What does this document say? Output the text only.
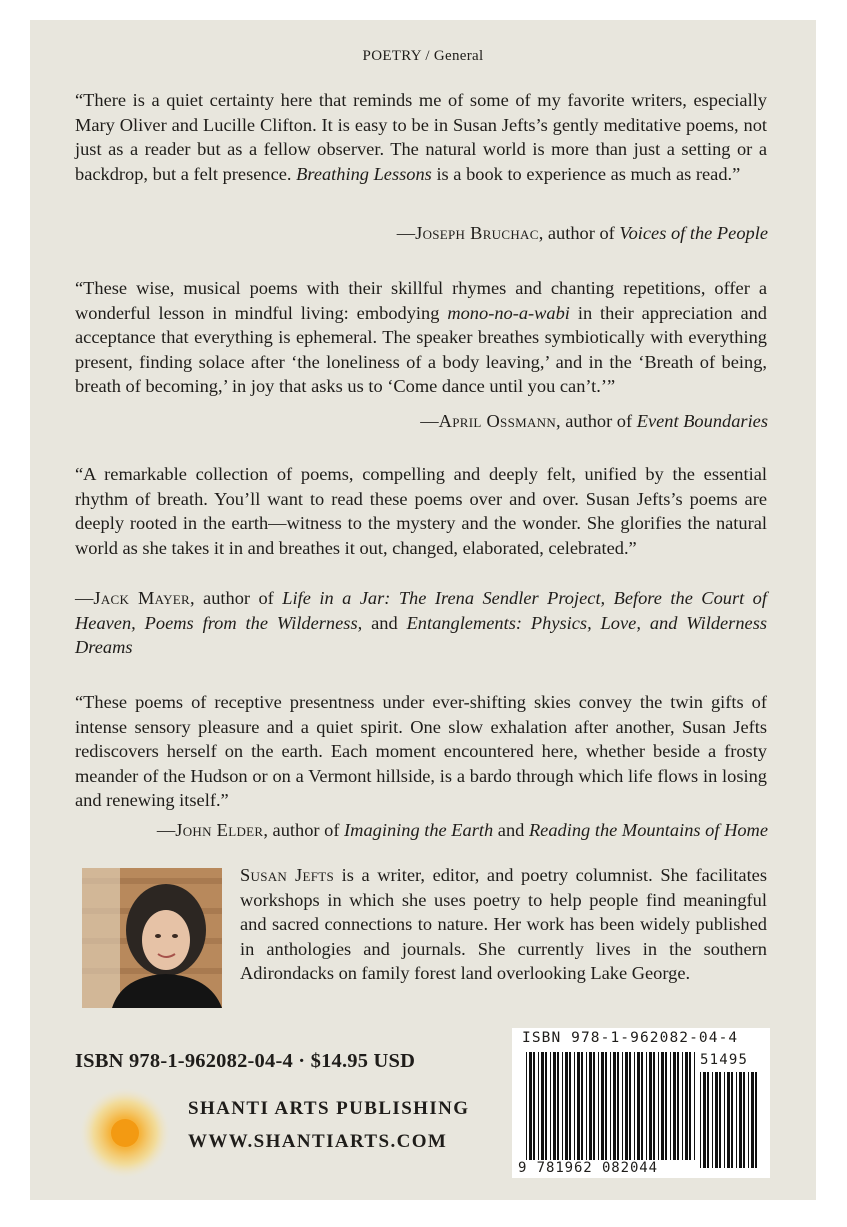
POETRY / General
“There is a quiet certainty here that reminds me of some of my favorite writers, especially Mary Oliver and Lucille Clifton. It is easy to be in Susan Jefts’s gently meditative poems, not just as a reader but as a fellow observer. The natural world is more than just a setting or a backdrop, but a felt presence. Breathing Lessons is a book to experience as much as read.”
—Joseph Bruchac, author of Voices of the People
“These wise, musical poems with their skillful rhymes and chanting repetitions, offer a wonderful lesson in mindful living: embodying mono-no-a-wabi in their appreciation and acceptance that everything is ephemeral. The speaker breathes symbiotically with everything present, finding solace after ‘the loneliness of a body leaving,’ and in the ‘Breath of being, breath of becoming,’ in joy that asks us to ‘Come dance until you can’t.’”
—April Ossmann, author of Event Boundaries
“A remarkable collection of poems, compelling and deeply felt, unified by the essential rhythm of breath. You’ll want to read these poems over and over. Susan Jefts’s poems are deeply rooted in the earth—witness to the mystery and the wonder. She glorifies the natural world as she takes it in and breathes it out, changed, elaborated, celebrated.”
—Jack Mayer, author of Life in a Jar: The Irena Sendler Project, Before the Court of Heaven, Poems from the Wilderness, and Entanglements: Physics, Love, and Wilderness Dreams
“These poems of receptive presentness under ever-shifting skies convey the twin gifts of intense sensory pleasure and a quiet spirit. One slow exhalation after another, Susan Jefts rediscovers herself on the earth. Each moment encountered here, whether beside a frosty meander of the Hudson or on a Vermont hillside, is a bardo through which life flows in losing and renewing itself.”
—John Elder, author of Imagining the Earth and Reading the Mountains of Home
Susan Jefts is a writer, editor, and poetry columnist. She facilitates workshops in which she uses poetry to help people find meaningful and sacred connections to nature. Her work has been widely published in anthologies and journals. She currently lives in the southern Adirondacks on family forest land overlooking Lake George.
ISBN 978-1-962082-04-4 · $14.95 USD
SHANTI ARTS PUBLISHING
WWW.SHANTIARTS.COM
ISBN 978-1-962082-04-4
51495
9 781962 082044
